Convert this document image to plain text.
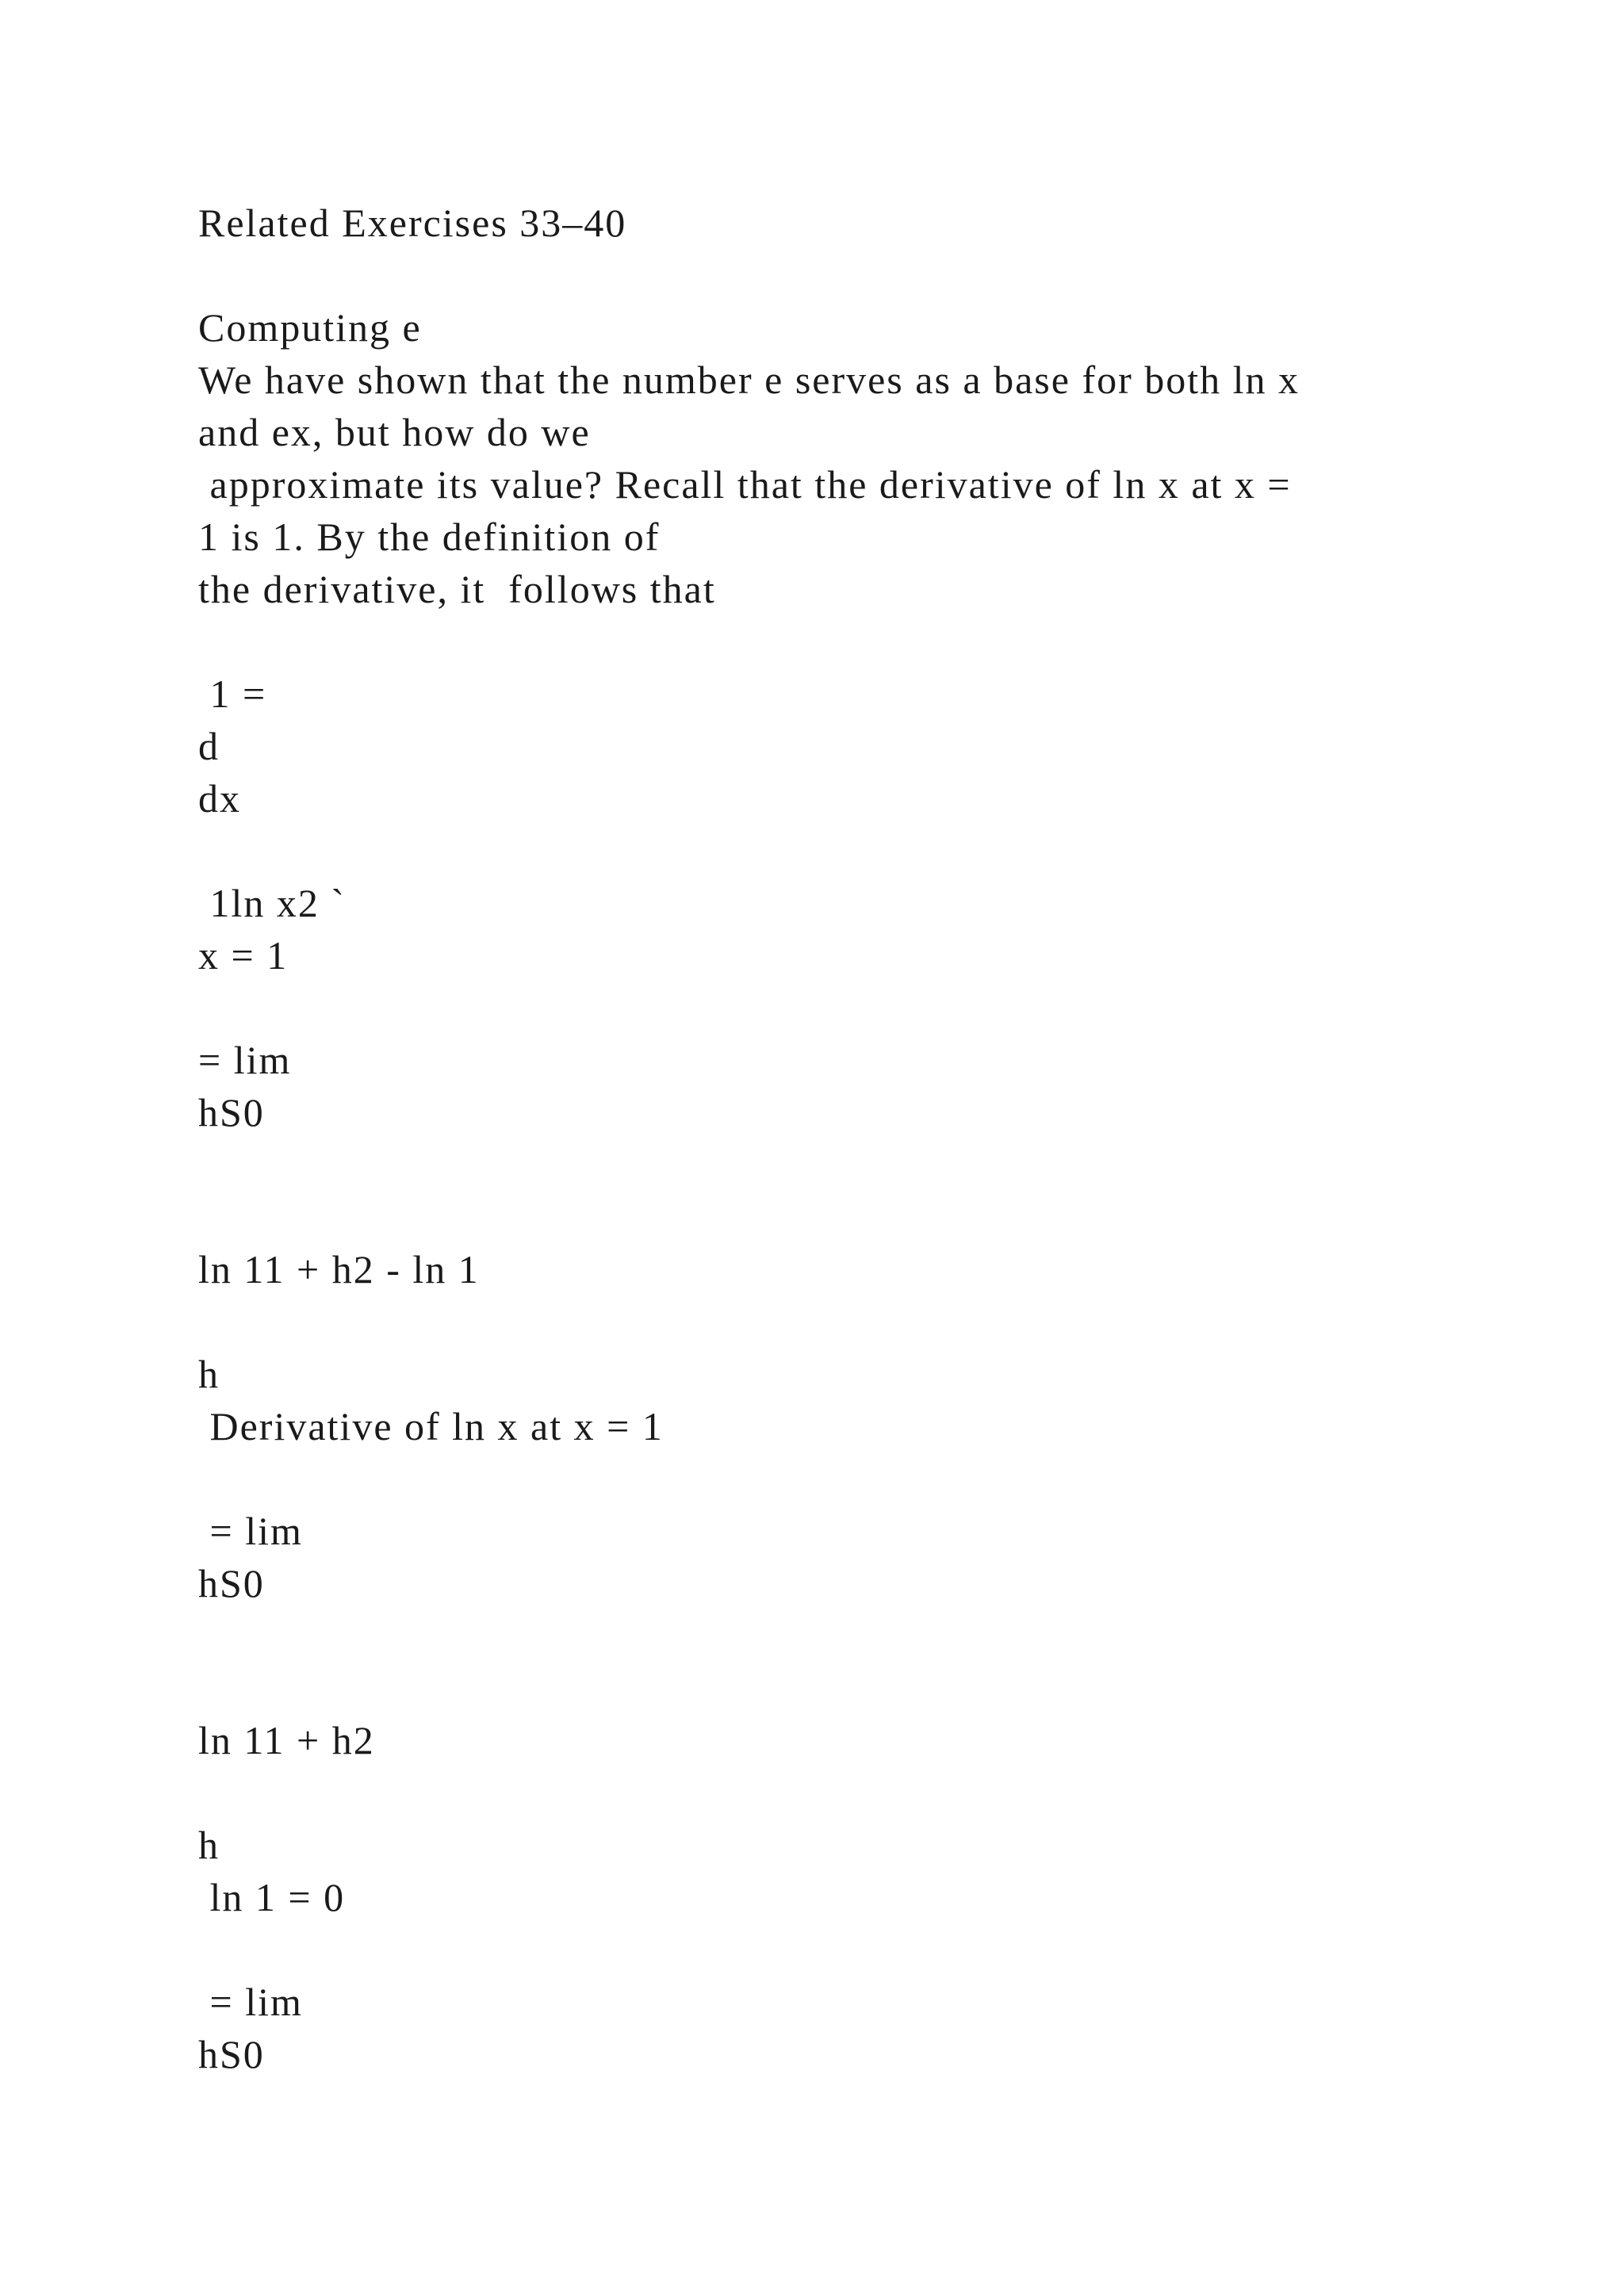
Related Exercises 33–40

Computing e

We have shown that the number e serves as a base for both ln x

and ex, but how do we

approximate its value? Recall that the derivative of ln x at x =

1 is 1. By the definition of

the derivative, it  follows that

1 =

d

dx

1ln x2 `

x = 1

= lim

hS0

ln 11 + h2 - ln 1

h

Derivative of ln x at x = 1

= lim

hS0

ln 11 + h2

h

ln 1 = 0

= lim

hS0
